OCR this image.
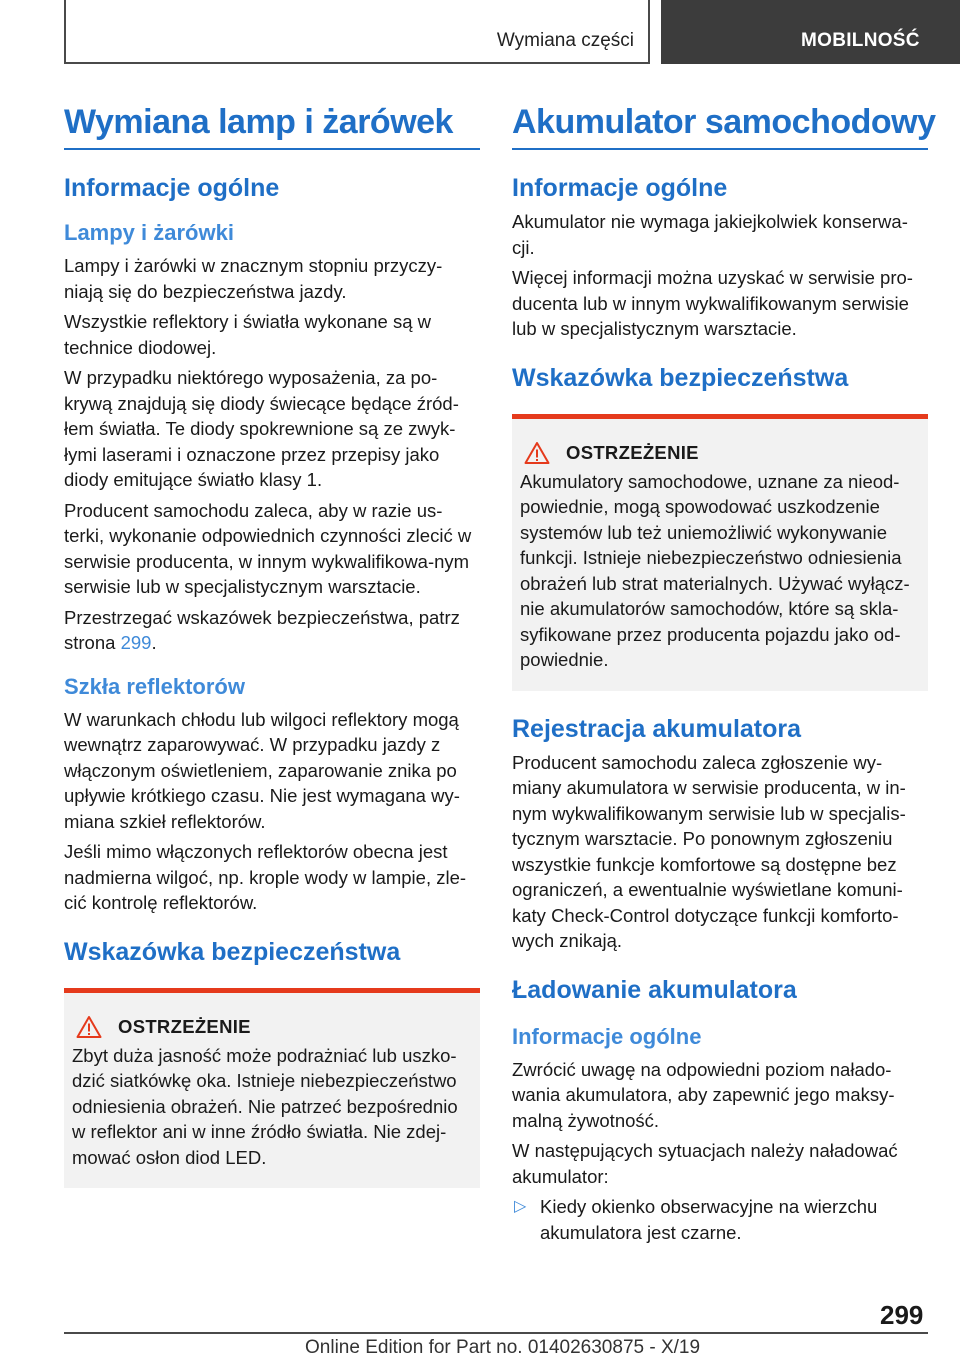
Wymiana części	MOBILNOŚĆ
Wymiana lamp i żarówek
Informacje ogólne
Lampy i żarówki

Lampy i żarówki w znacznym stopniu przyczy-niają się do bezpieczeństwa jazdy.

Wszystkie reflektory i światła wykonane są w technice diodowej.

W przypadku niektórego wyposażenia, za po-krywą znajdują się diody świecące będące źród-łem światła. Te diody spokrewnione są ze zwyk-łymi laserami i oznaczone przez przepisy jako diody emitujące światło klasy 1.

Producent samochodu zaleca, aby w razie us-terki, wykonanie odpowiednich czynności zlecić w serwisie producenta, w innym wykwalifikowa-nym serwisie lub w specjalistycznym warsztacie.

Przestrzegać wskazówek bezpieczeństwa, patrz strona 299.

Szkła reflektorów

W warunkach chłodu lub wilgoci reflektory mogą wewnątrz zaparowywać. W przypadku jazdy z włączonym oświetleniem, zaparowanie znika po upływie krótkiego czasu. Nie jest wymagana wy-miana szkieł reflektorów.

Jeśli mimo włączonych reflektorów obecna jest nadmierna wilgoć, np. krople wody w lampie, zle-cić kontrolę reflektorów.

Wskazówka bezpieczeństwa
OSTRZEŻENIE

Zbyt duża jasność może podrażniać lub uszko-dzić siatkówkę oka. Istnieje niebezpieczeństwo odniesienia obrażeń. Nie patrzeć bezpośrednio w reflektor ani w inne źródło światła. Nie zdej-mować osłon diod LED.

Akumulator samochodowy
Informacje ogólne

Akumulator nie wymaga jakiejkolwiek konserwa-cji.

Więcej informacji można uzyskać w serwisie pro-ducenta lub w innym wykwalifikowanym serwisie lub w specjalistycznym warsztacie.

Wskazówka bezpieczeństwa
OSTRZEŻENIE

Akumulatory samochodowe, uznane za nieod-powiednie, mogą spowodować uszkodzenie systemów lub też uniemożliwić wykonywanie funkcji. Istnieje niebezpieczeństwo odniesienia obrażeń lub strat materialnych. Używać wyłącz-nie akumulatorów samochodów, które są skla-syfikowane przez producenta pojazdu jako od-powiednie.

Rejestracja akumulatora

Producent samochodu zaleca zgłoszenie wy-miany akumulatora w serwisie producenta, w in-nym wykwalifikowanym serwisie lub w specjalis-tycznym warsztacie. Po ponownym zgłoszeniu wszystkie funkcje komfortowe są dostępne bez ograniczeń, a ewentualnie wyświetlane komuni-katy Check-Control dotyczące funkcji komforto-wych znikają.

Ładowanie akumulatora
Informacje ogólne

Zwrócić uwagę na odpowiedni poziom nałado-wania akumulatora, aby zapewnić jego maksy-malną żywotność.

W następujących sytuacjach należy naładować akumulator:

▷ Kiedy okienko obserwacyjne na wierzchu akumulatora jest czarne.

299
Online Edition for Part no. 01402630875 - X/19
